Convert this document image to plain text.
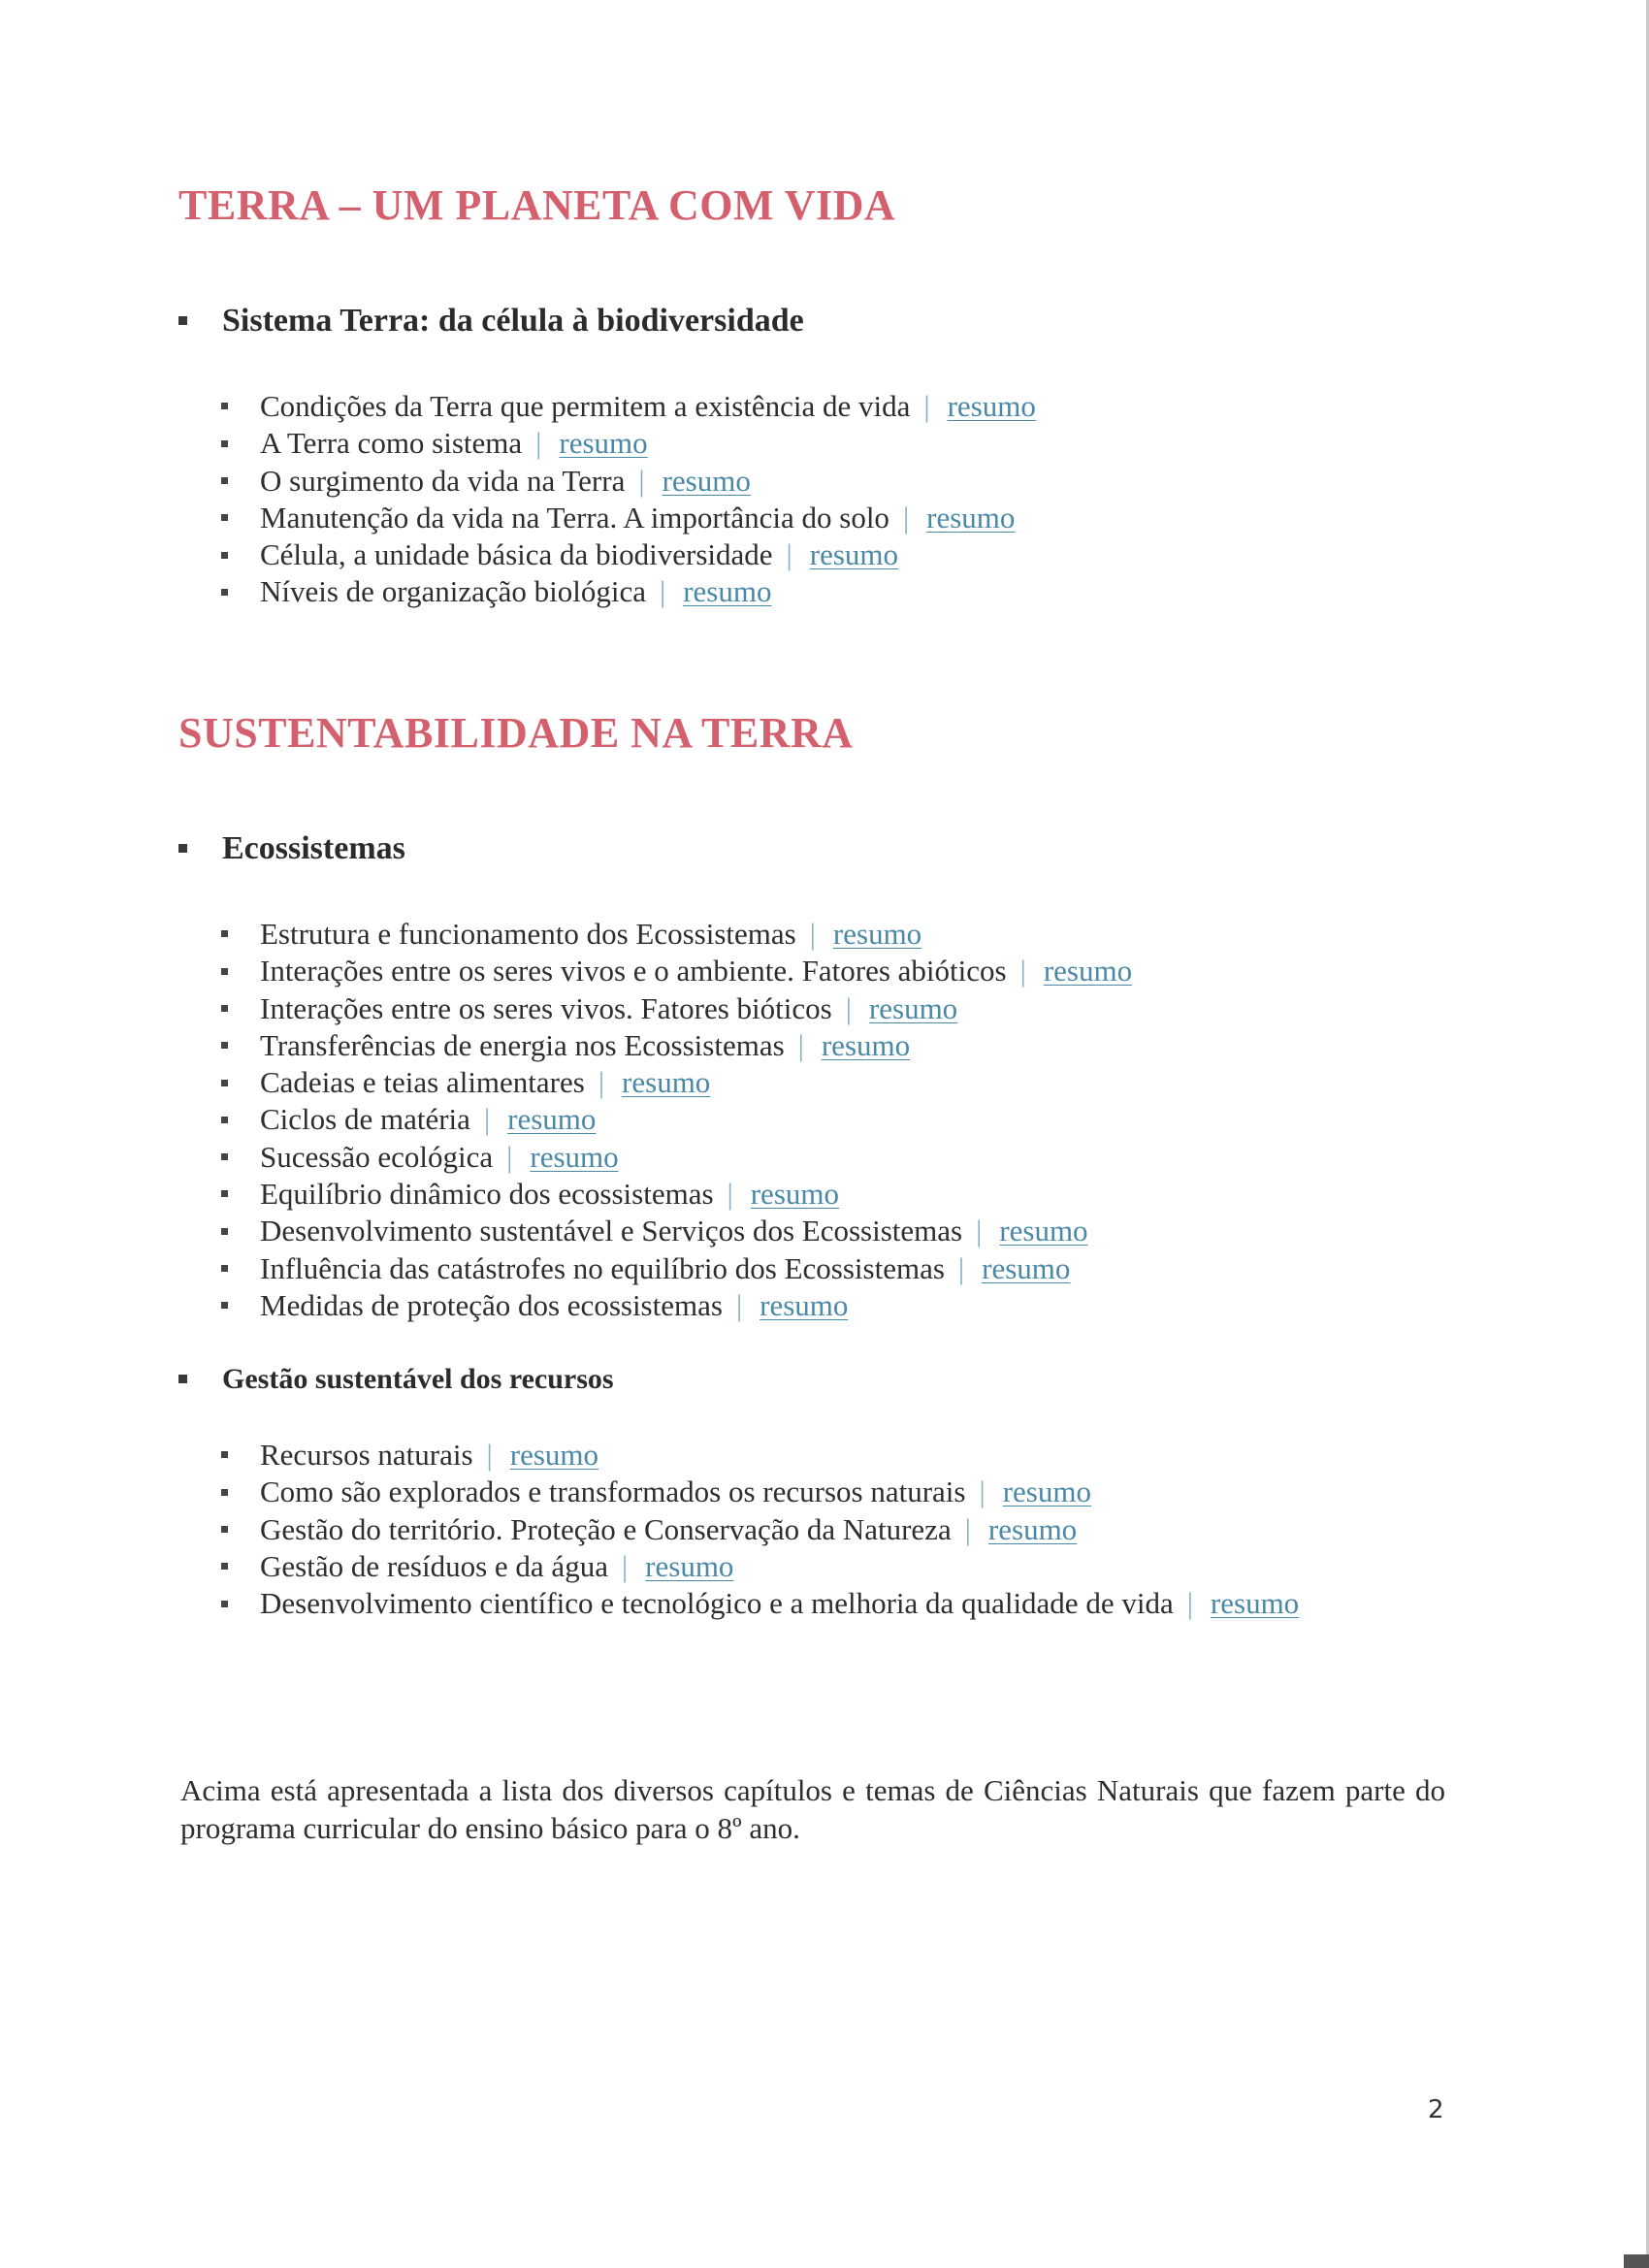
TERRA – UM PLANETA COM VIDA
Sistema Terra: da célula à biodiversidade
Condições da Terra que permitem a existência de vida | resumo
A Terra como sistema | resumo
O surgimento da vida na Terra | resumo
Manutenção da vida na Terra. A importância do solo | resumo
Célula, a unidade básica da biodiversidade | resumo
Níveis de organização biológica | resumo
SUSTENTABILIDADE NA TERRA
Ecossistemas
Estrutura e funcionamento dos Ecossistemas | resumo
Interações entre os seres vivos e o ambiente. Fatores abióticos | resumo
Interações entre os seres vivos. Fatores bióticos | resumo
Transferências de energia nos Ecossistemas | resumo
Cadeias e teias alimentares | resumo
Ciclos de matéria | resumo
Sucessão ecológica | resumo
Equilíbrio dinâmico dos ecossistemas | resumo
Desenvolvimento sustentável e Serviços dos Ecossistemas | resumo
Influência das catástrofes no equilíbrio dos Ecossistemas | resumo
Medidas de proteção dos ecossistemas | resumo
Gestão sustentável dos recursos
Recursos naturais | resumo
Como são explorados e transformados os recursos naturais | resumo
Gestão do território. Proteção e Conservação da Natureza | resumo
Gestão de resíduos e da água | resumo
Desenvolvimento científico e tecnológico e a melhoria da qualidade de vida | resumo

Acima está apresentada a lista dos diversos capítulos e temas de Ciências Naturais que fazem parte do programa curricular do ensino básico para o 8º ano.

2
